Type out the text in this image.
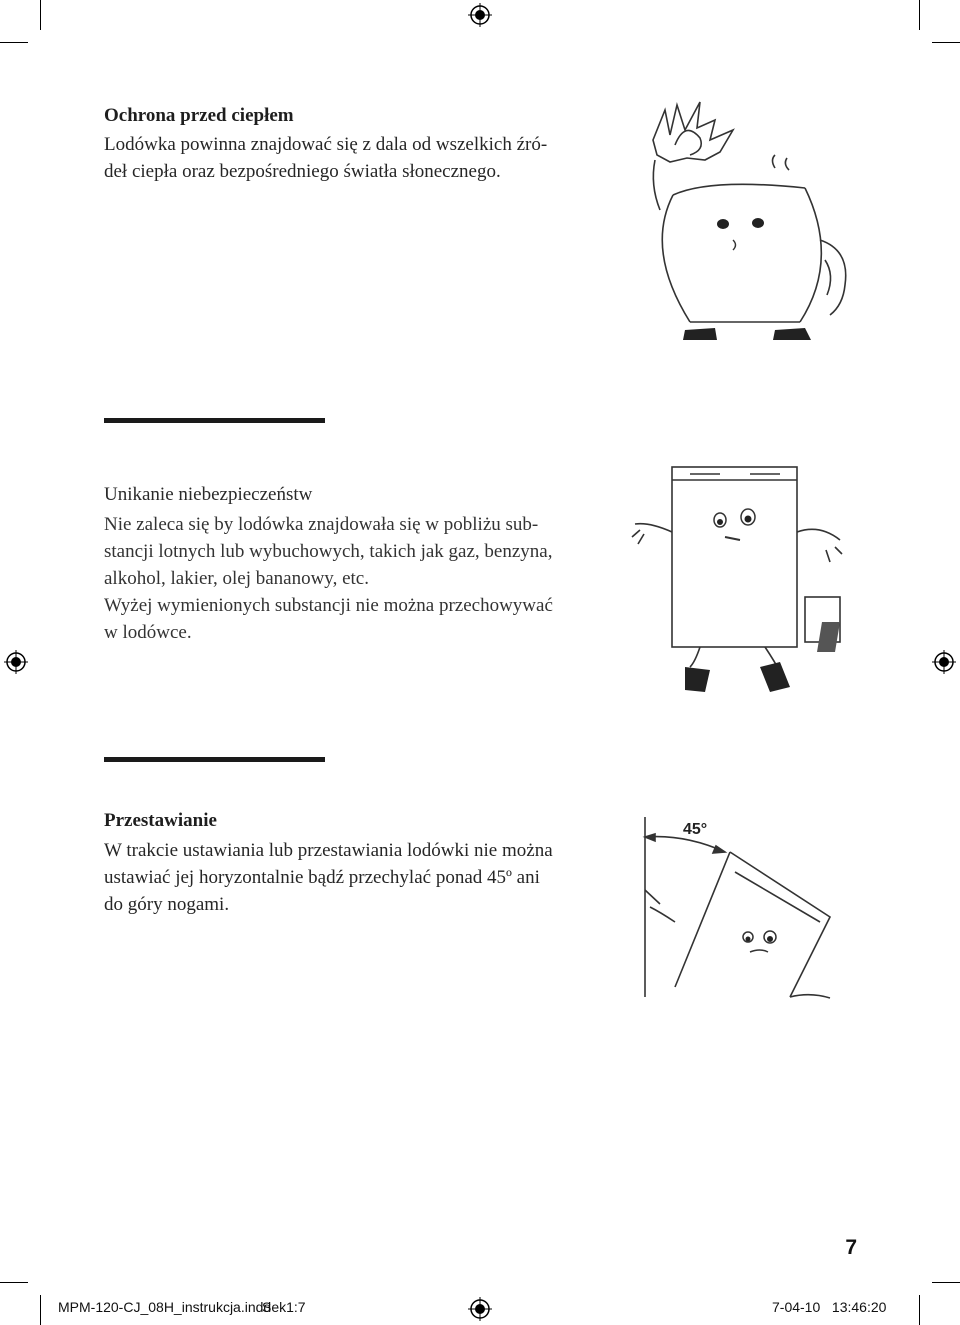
Ochrona przed ciepłem
Lodówka powinna znajdować się z dala od wszelkich źró-
deł ciepła oraz bezpośredniego światła słonecznego.
Unikanie niebezpieczeństw
Nie zaleca się by lodówka znajdowała się w pobliżu sub-
stancji lotnych lub wybuchowych, takich jak gaz, benzyna,
alkohol, lakier, olej bananowy, etc.
Wyżej wymienionych substancji nie można przechowywać
w lodówce.
Przestawianie
W trakcie ustawiania lub przestawiania lodówki nie można
ustawiać jej horyzontalnie bądź przechylać ponad 45º ani
do góry nogami.
45°
7
MPM-120-CJ_08H_instrukcja.indd
Sek1:7	7-04-10   13:46:20
